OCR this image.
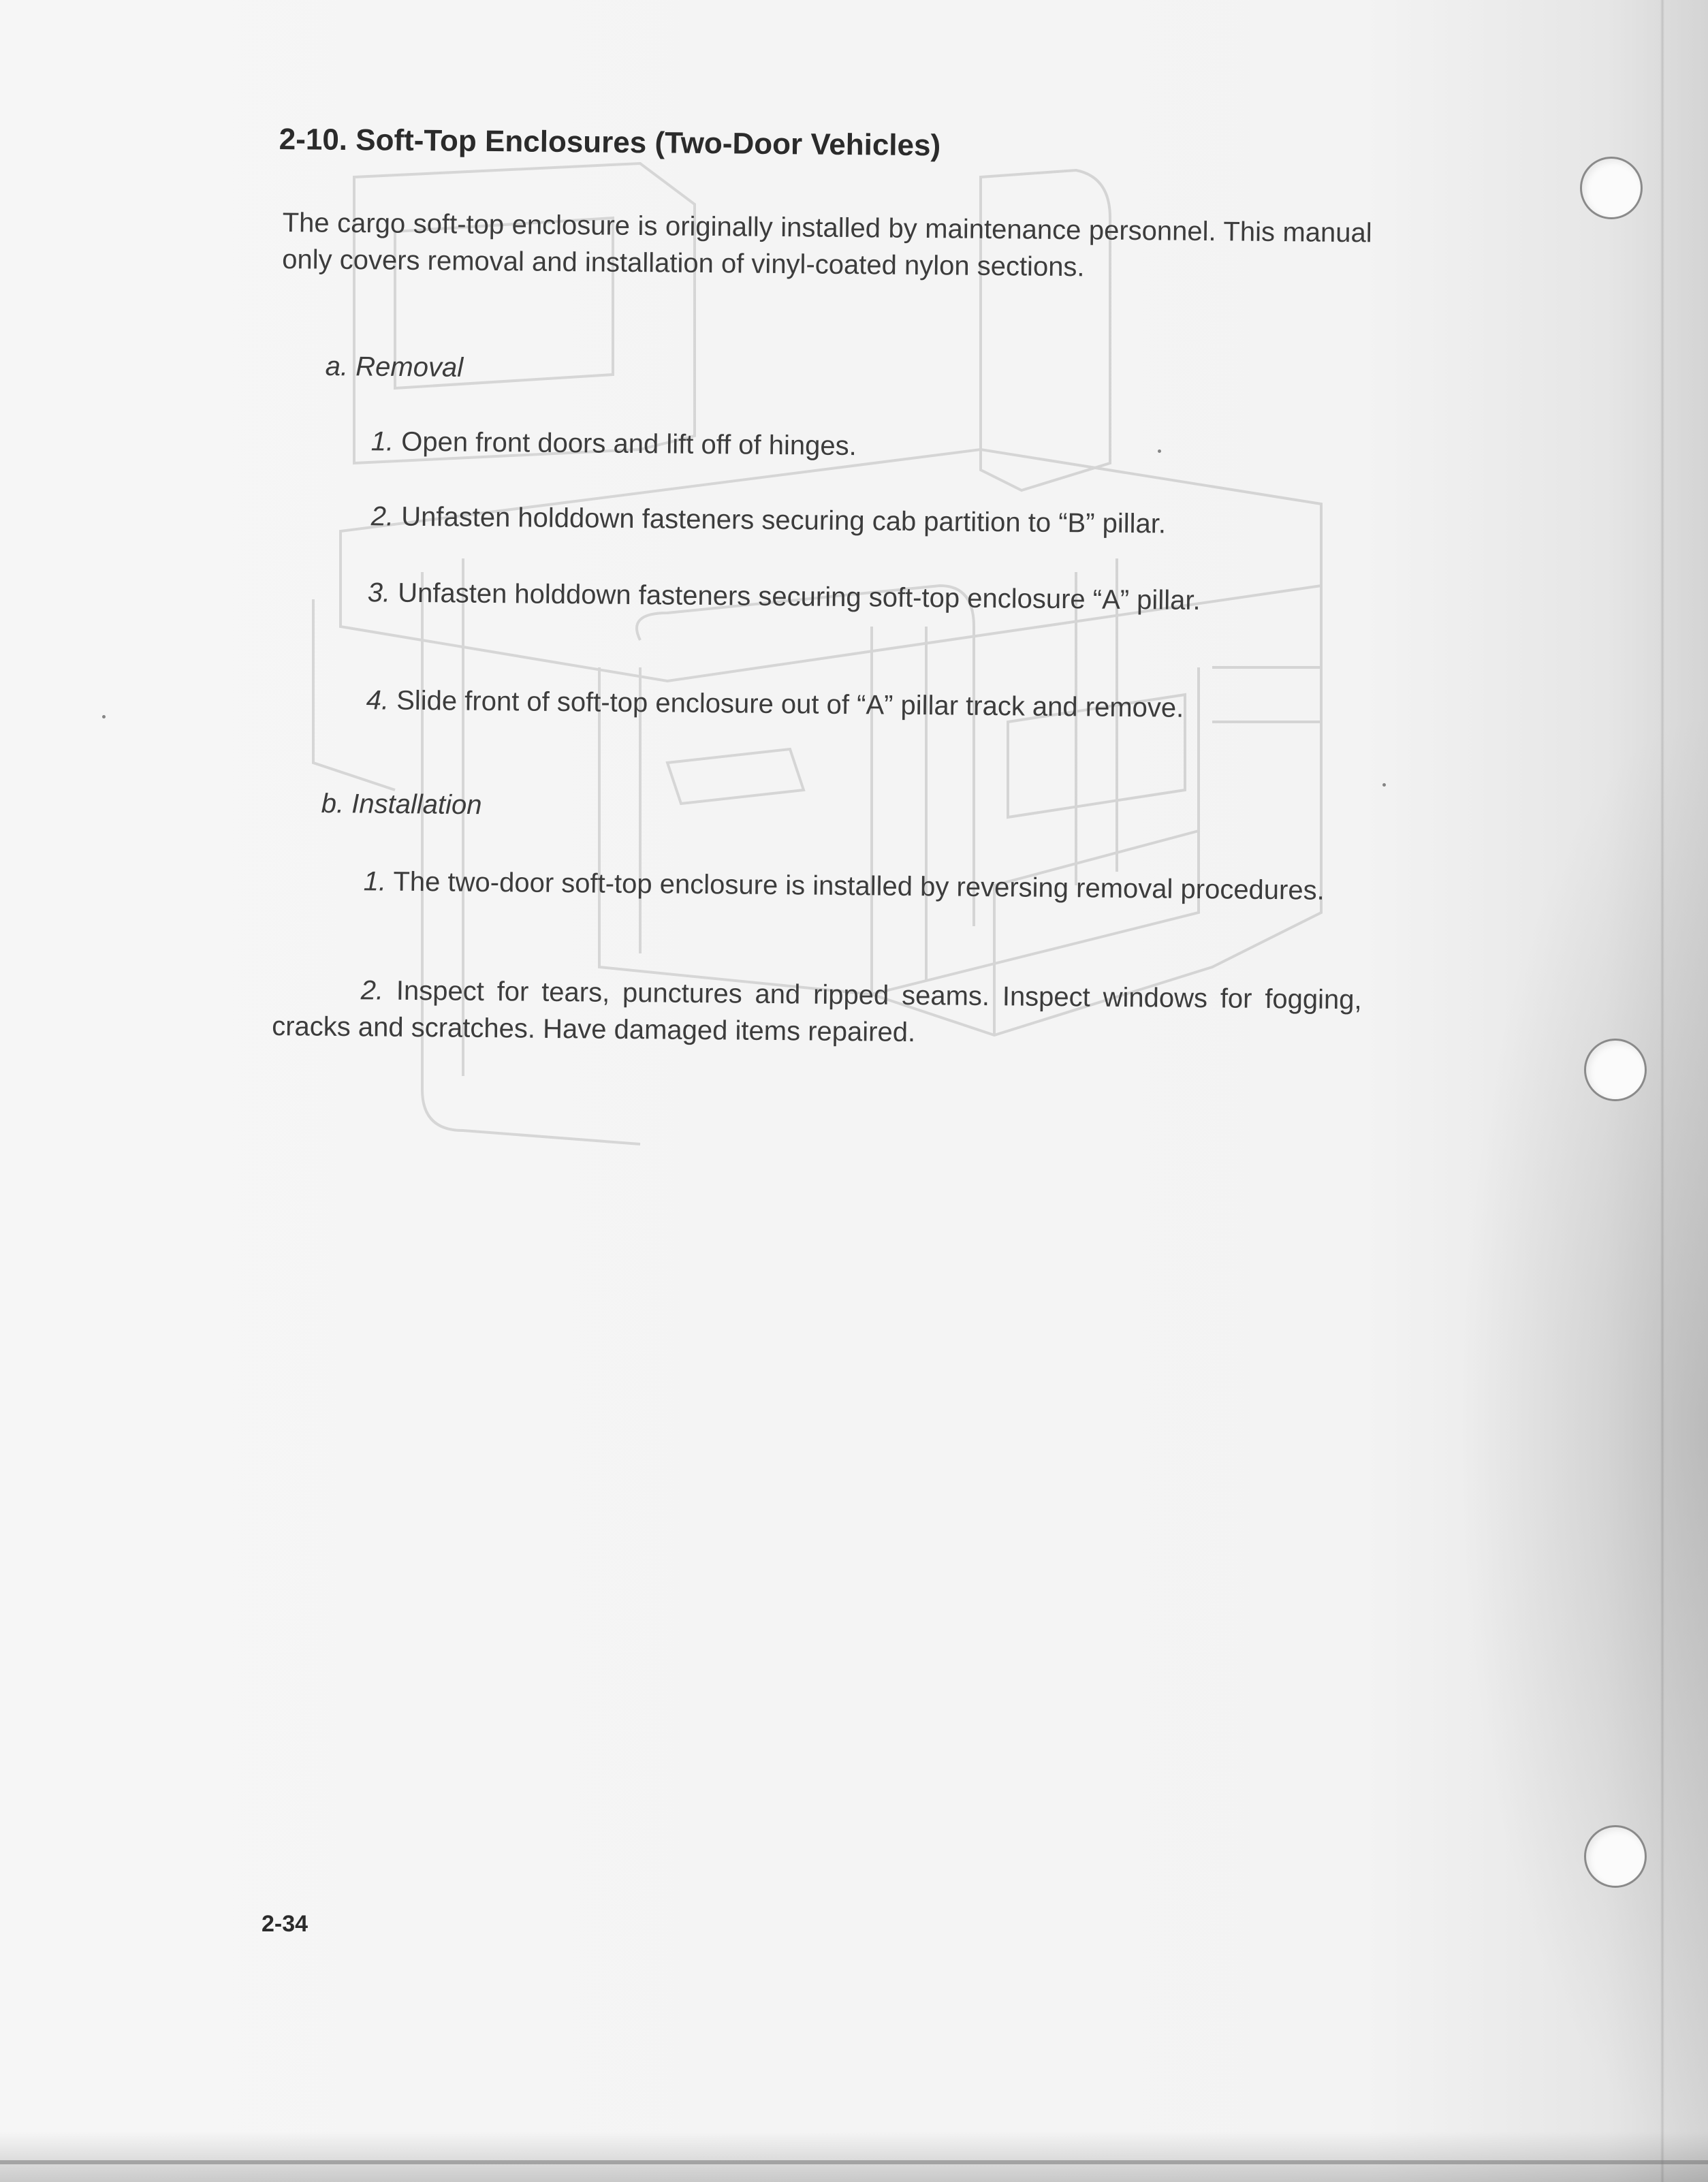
2-10. Soft-Top Enclosures (Two-Door Vehicles)
The cargo soft-top enclosure is originally installed by maintenance personnel. This manual only covers removal and installation of vinyl-coated nylon sections.
a. Removal
1. Open front doors and lift off of hinges.
2. Unfasten holddown fasteners securing cab partition to “B” pillar.
3. Unfasten holddown fasteners securing soft-top enclosure “A” pillar.
4. Slide front of soft-top enclosure out of “A” pillar track and remove.
b. Installation
1. The two-door soft-top enclosure is installed by reversing removal procedures.
2. Inspect for tears, punctures and ripped seams. Inspect windows for fogging, cracks and scratches. Have damaged items repaired.
2-34
